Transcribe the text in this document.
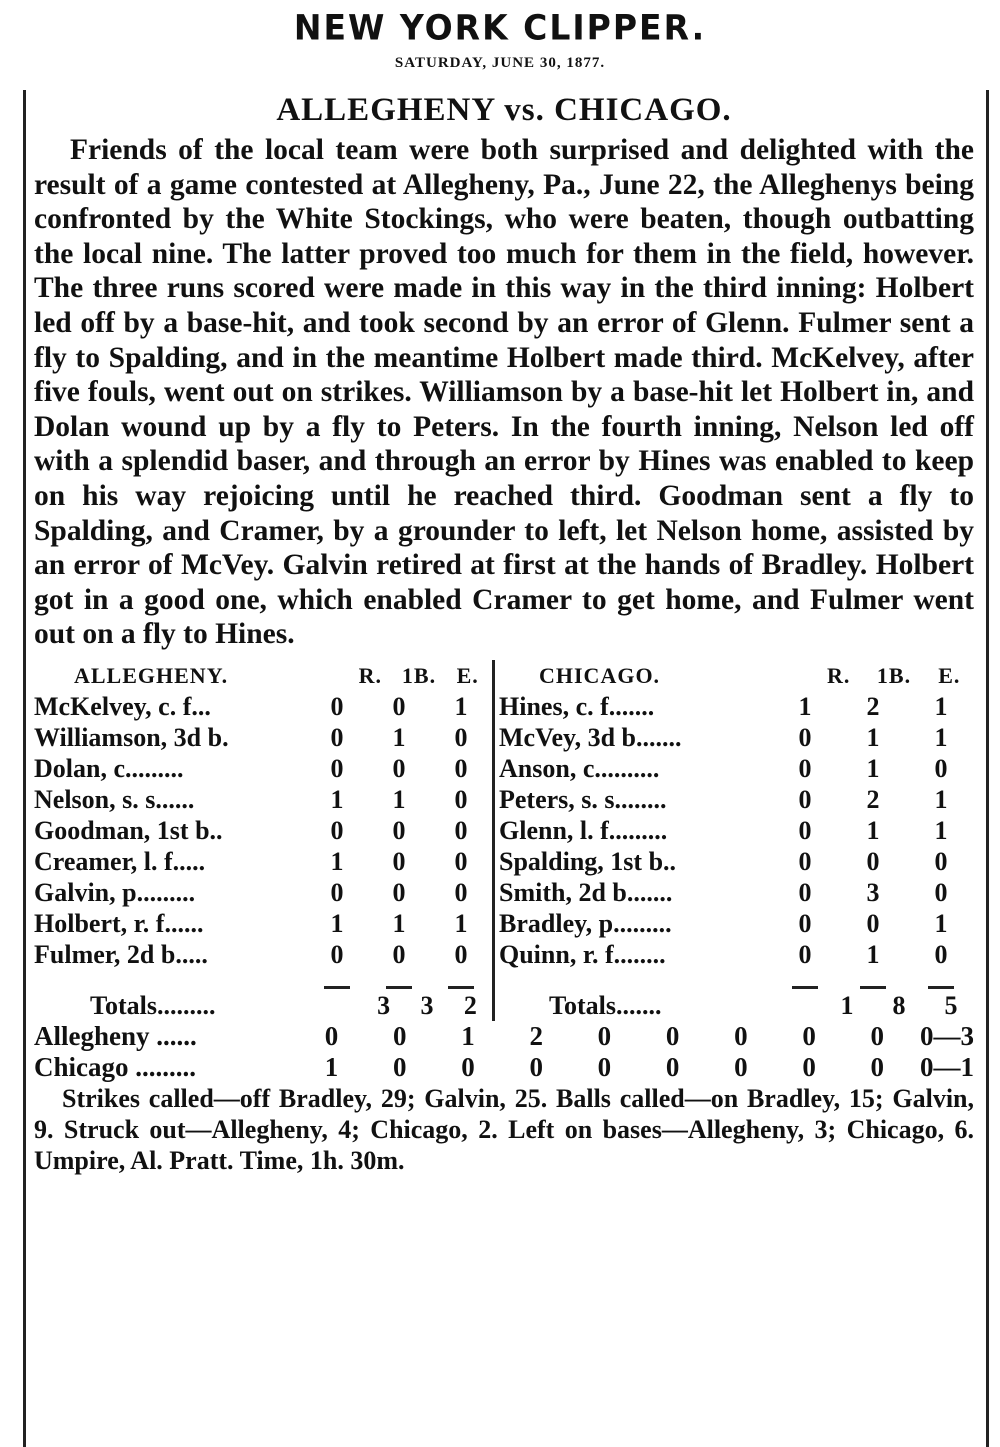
NEW YORK CLIPPER.
SATURDAY, JUNE 30, 1877.
ALLEGHENY vs. CHICAGO.

Friends of the local team were both surprised and delighted with the result of a game contested at Allegheny, Pa., June 22, the Alleghenys being confronted by the White Stockings, who were beaten, though outbatting the local nine. The latter proved too much for them in the field, however. The three runs scored were made in this way in the third inning: Holbert led off by a base-hit, and took second by an error of Glenn. Fulmer sent a fly to Spalding, and in the meantime Holbert made third. McKelvey, after five fouls, went out on strikes. Williamson by a base-hit let Holbert in, and Dolan wound up by a fly to Peters. In the fourth inning, Nelson led off with a splendid baser, and through an error by Hines was enabled to keep on his way rejoicing until he reached third. Goodman sent a fly to Spalding, and Cramer, by a grounder to left, let Nelson home, assisted by an error of McVey. Galvin retired at first at the hands of Bradley. Holbert got in a good one, which enabled Cramer to get home, and Fulmer went out on a fly to Hines.

ALLEGHENY.	R. 1B. E.
McKelvey, c. f...	0	0	1
Williamson, 3d b.	0	1	0
Dolan, c.........	0	0	0
Nelson, s. s......	1	1	0
Goodman, 1st b..	0	0	0
Creamer, l. f.....	1	0	0
Galvin, p.........	0	0	0
Holbert, r. f......	1	1	1
Fulmer, 2d b.....	0	0	0
Totals.........	3	3	2
CHICAGO.	R.	1B.	E.
Hines, c. f.......	1	2	1
McVey, 3d b.......	0	1	1
Anson, c..........	0	1	0
Peters, s. s........	0	2	1
Glenn, l. f.........	0	1	1
Spalding, 1st b..	0	0	0
Smith, 2d b.......	0	3	0
Bradley, p.........	0	0	1
Quinn, r. f........	0	1	0
Totals.......	1	8	5
Allegheny ......	0	0	1	2	0	0	0	0	0	0—3
Chicago .........	1	0	0	0	0	0	0	0	0	0—1

Strikes called—off Bradley, 29; Galvin, 25. Balls called—on Bradley, 15; Galvin, 9. Struck out—Allegheny, 4; Chicago, 2. Left on bases—Allegheny, 3; Chicago, 6. Umpire, Al. Pratt. Time, 1h. 30m.
